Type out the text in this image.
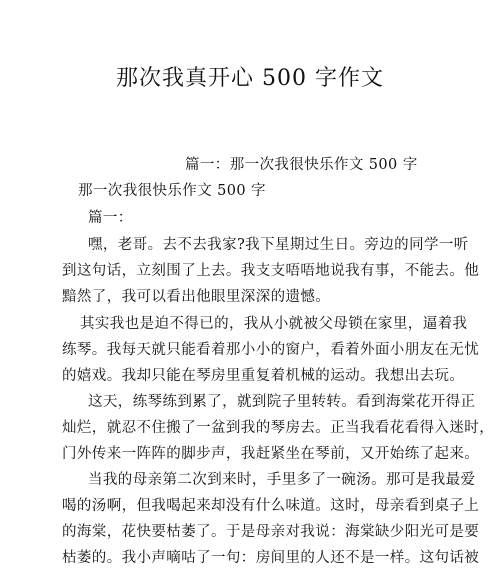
那次我真开心 500 字作文
篇一：那一次我很快乐作文 500 字
那一次我很快乐作文 500 字
篇一：
嘿，老哥。去不去我家?我下星期过生日。旁边的同学一听
到这句话，立刻围了上去。我支支唔唔地说我有事，不能去。他
黯然了，我可以看出他眼里深深的遗憾。
其实我也是迫不得已的，我从小就被父母锁在家里，逼着我
练琴。我每天就只能看着那小小的窗户，看着外面小朋友在无忧
的嬉戏。我却只能在琴房里重复着机械的运动。我想出去玩。
这天，练琴练到累了，就到院子里转转。看到海棠花开得正
灿烂，就忍不住搬了一盆到我的琴房去。正当我看花看得入迷时，
门外传来一阵阵的脚步声，我赶紧坐在琴前，又开始练了起来。
当我的母亲第二次到来时，手里多了一碗汤。那可是我最爱
喝的汤啊，但我喝起来却没有什么味道。这时，母亲看到桌子上
的海棠，花快要枯萎了。于是母亲对我说：海棠缺少阳光可是要
枯萎的。我小声嘀咕了一句：房间里的人还不是一样。这句话被
